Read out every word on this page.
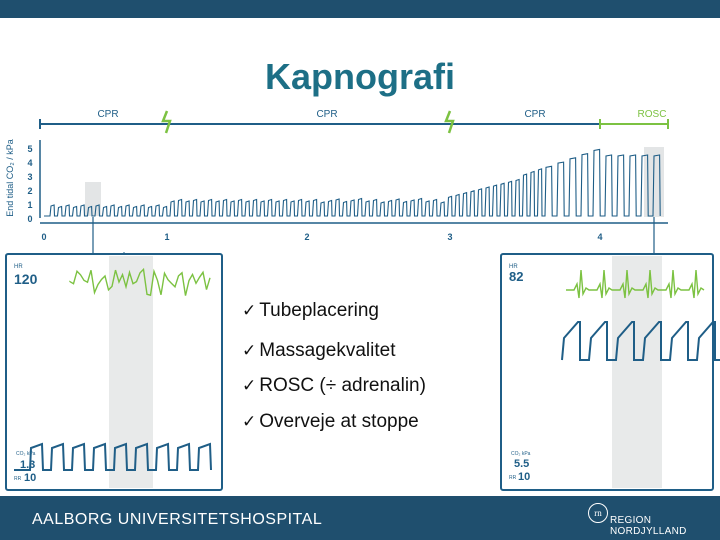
Kapnografi
CPR	CPR	CPR	ROSC
0
1
2
3
4
5
End tidal CO₂ / kPa
0	1	2	3	4
HR
120
CO₂ kPa
1.3
RR 10
HR
82
CO₂ kPa
5.5
RR 10
✓ Tubeplacering
✓ Massagekvalitet
✓ ROSC (÷ adrenalin)
✓ Overveje at stoppe
AALBORG UNIVERSITETSHOSPITAL	REGION NORDJYLLAND
rn
